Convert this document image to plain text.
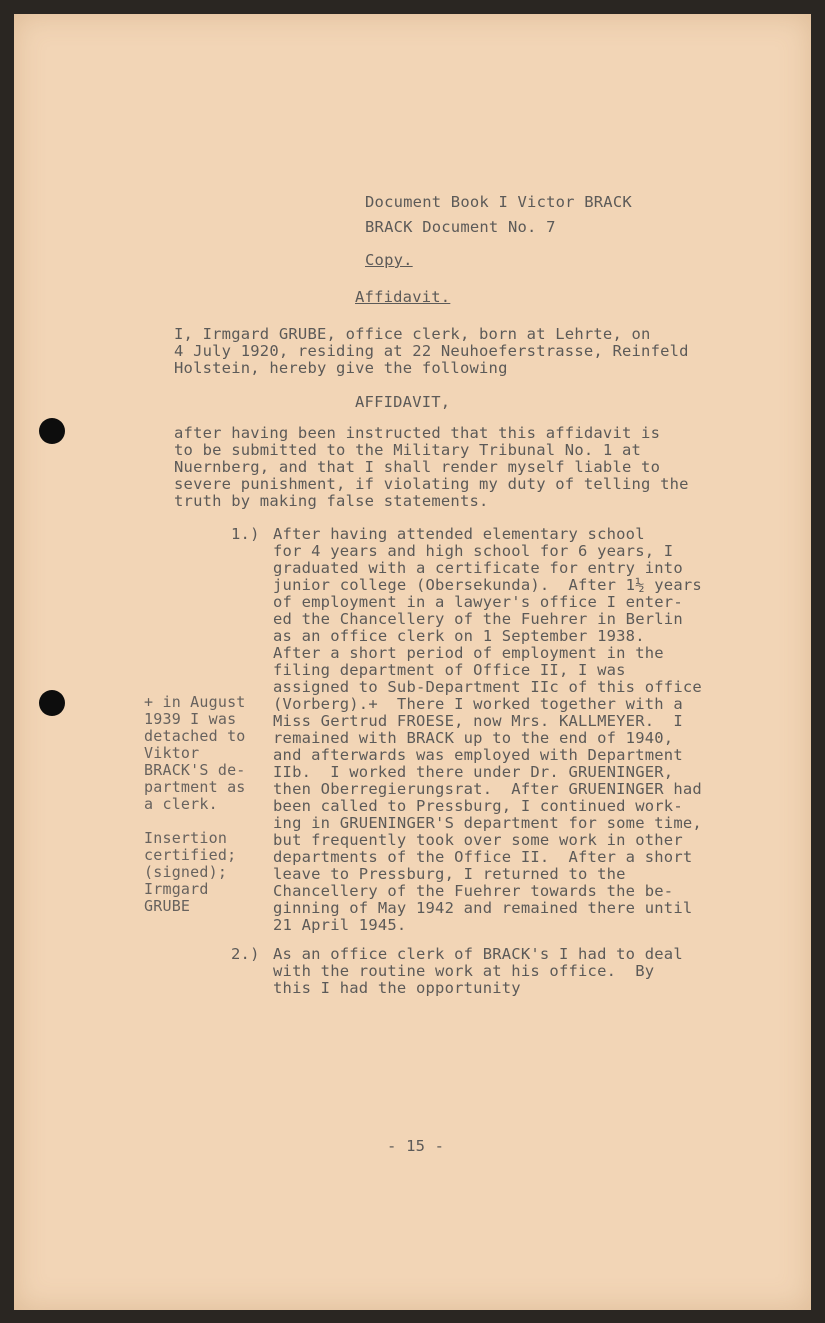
Document Book I Victor BRACK

BRACK Document No. 7

Copy.

Affidavit.

I, Irmgard GRUBE, office clerk, born at Lehrte, on

4 July 1920, residing at 22 Neuhoeferstrasse, Reinfeld

Holstein, hereby give the following

AFFIDAVIT,

after having been instructed that this affidavit is

to be submitted to the Military Tribunal No. 1 at

Nuernberg, and that I shall render myself liable to

severe punishment, if violating my duty of telling the

truth by making false statements.

1.) After having attended elementary school

for 4 years and high school for 6 years, I

graduated with a certificate for entry into

junior college (Obersekunda).  After 1½ years

of employment in a lawyer's office I enter-

ed the Chancellery of the Fuehrer in Berlin

as an office clerk on 1 September 1938.

After a short period of employment in the

filing department of Office II, I was

assigned to Sub-Department IIc of this office

(Vorberg).+  There I worked together with a

Miss Gertrud FROESE, now Mrs. KALLMEYER.  I

remained with BRACK up to the end of 1940,

and afterwards was employed with Department

IIb.  I worked there under Dr. GRUENINGER,

then Oberregierungsrat.  After GRUENINGER had

been called to Pressburg, I continued work-

ing in GRUENINGER'S department for some time,

but frequently took over some work in other

departments of the Office II.  After a short

leave to Pressburg, I returned to the

Chancellery of the Fuehrer towards the be-

ginning of May 1942 and remained there until

21 April 1945.

+ in August

1939 I was

detached to

Viktor

BRACK'S de-

partment as

a clerk.

Insertion

certified;

(signed);

Irmgard

GRUBE

2.) As an office clerk of BRACK's I had to deal

with the routine work at his office.  By

this I had the opportunity

- 15 -
